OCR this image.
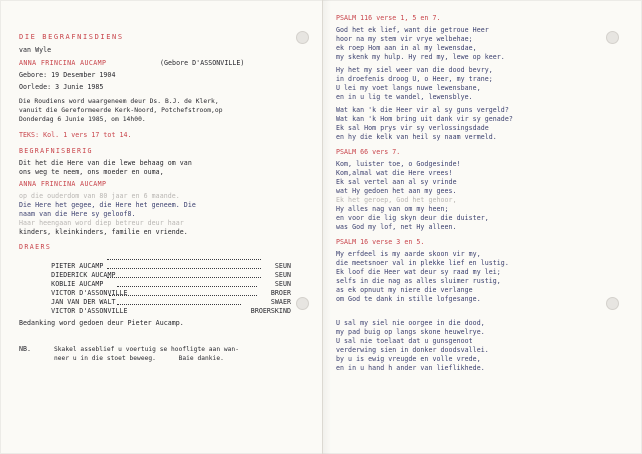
DIE BEGRAFNISDIENS
van Wyle
ANNA FRINCINA AUCAMP	(Gebore D'ASSONVILLE)
Gebore: 19 Desember 1904
Oorlede: 3 Junie 1985
Die Roudiens word waargeneem deur Ds. B.J. de Klerk,
vanuit die Gereformeerde Kerk-Noord, Potchefstroom,op
Donderdag 6 Junie 1985, om 14h00.
TEKS: Kol. 1 vers 17 tot 14.
BEGRAFNISBERIG
Dit het die Here van die lewe behaag om van
ons weg te neem, ons moeder en ouma,
ANNA FRINCINA AUCAMP
op die ouderdom van 80 jaar en 6 maande.
Die Here het gegee, die Here het geneem. Die
naam van die Here sy geloof8.
Haar heengaan word diep betreur deur haar
kinders, kleinkinders, familie en vriende.
DRAERS

PIETER AUCAMP	SEUN

DIEDERICK AUCAMP	SEUN

KOBLIE AUCAMP	SEUN

VICTOR D'ASSONVILLE	BROER

JAN VAN DER WALT	SWAER

VICTOR D'ASSONVILLE	BROERSKIND

Bedanking word gedoen deur Pieter Aucamp.
NB.	Skakel asseblief u voertuig se hoofligte aan wan-
neer u in die stoet beweeg.      Baie dankie.
PSALM 116 verse 1, 5 en 7.
God het ek lief, want die getroue Heer
hoor na my stem vir vrye welbehae;
ek roep Hom aan in al my lewensdae,
my skenk my hulp. Hy red my, lewe op keer.
Hy het my siel weer van die dood bevry,
in droefenis droog U, o Heer, my trane;
U lei my voet langs nuwe lewensbane,
en in u lig te wandel, lewensblye.
Wat kan 'k die Heer vir al sy guns vergeld?
Wat kan 'k Hom bring uit dank vir sy genade?
Ek sal Hom prys vir sy verlossingsdade
en hy die kelk van heil sy naam vermeld.
PSALM 66 vers 7.
Kom, luister toe, o Godgesinde!
Kom,almal wat die Here vrees!
Ek sal vertel aan al sy vrinde
wat Hy gedoen het aan my gees.
Ek het geroep, God het gehoor,
Hy alles nag van om my heen;
en voor die lig skyn deur die duister,
was God my lof, net Hy alleen.
PSALM 16 verse 3 en 5.
My erfdeel is my aarde skoon vir my,
die meetsnoer val in plekke lief en lustig.
Ek loof die Heer wat deur sy raad my lei;
selfs in die nag as alles sluimer rustig,
as ek opnuut my niere die verlange
om God te dank in stille lofgesange.
U sal my siel nie oorgee in die dood,
my pad buig op langs skone heuwelrye.
U sal nie toelaat dat u gunsgenoot
verderwing sien in donker doodsvallei.
by u is ewig vreugde en volle vrede,
en in u hand h ander van lieflikhede.
